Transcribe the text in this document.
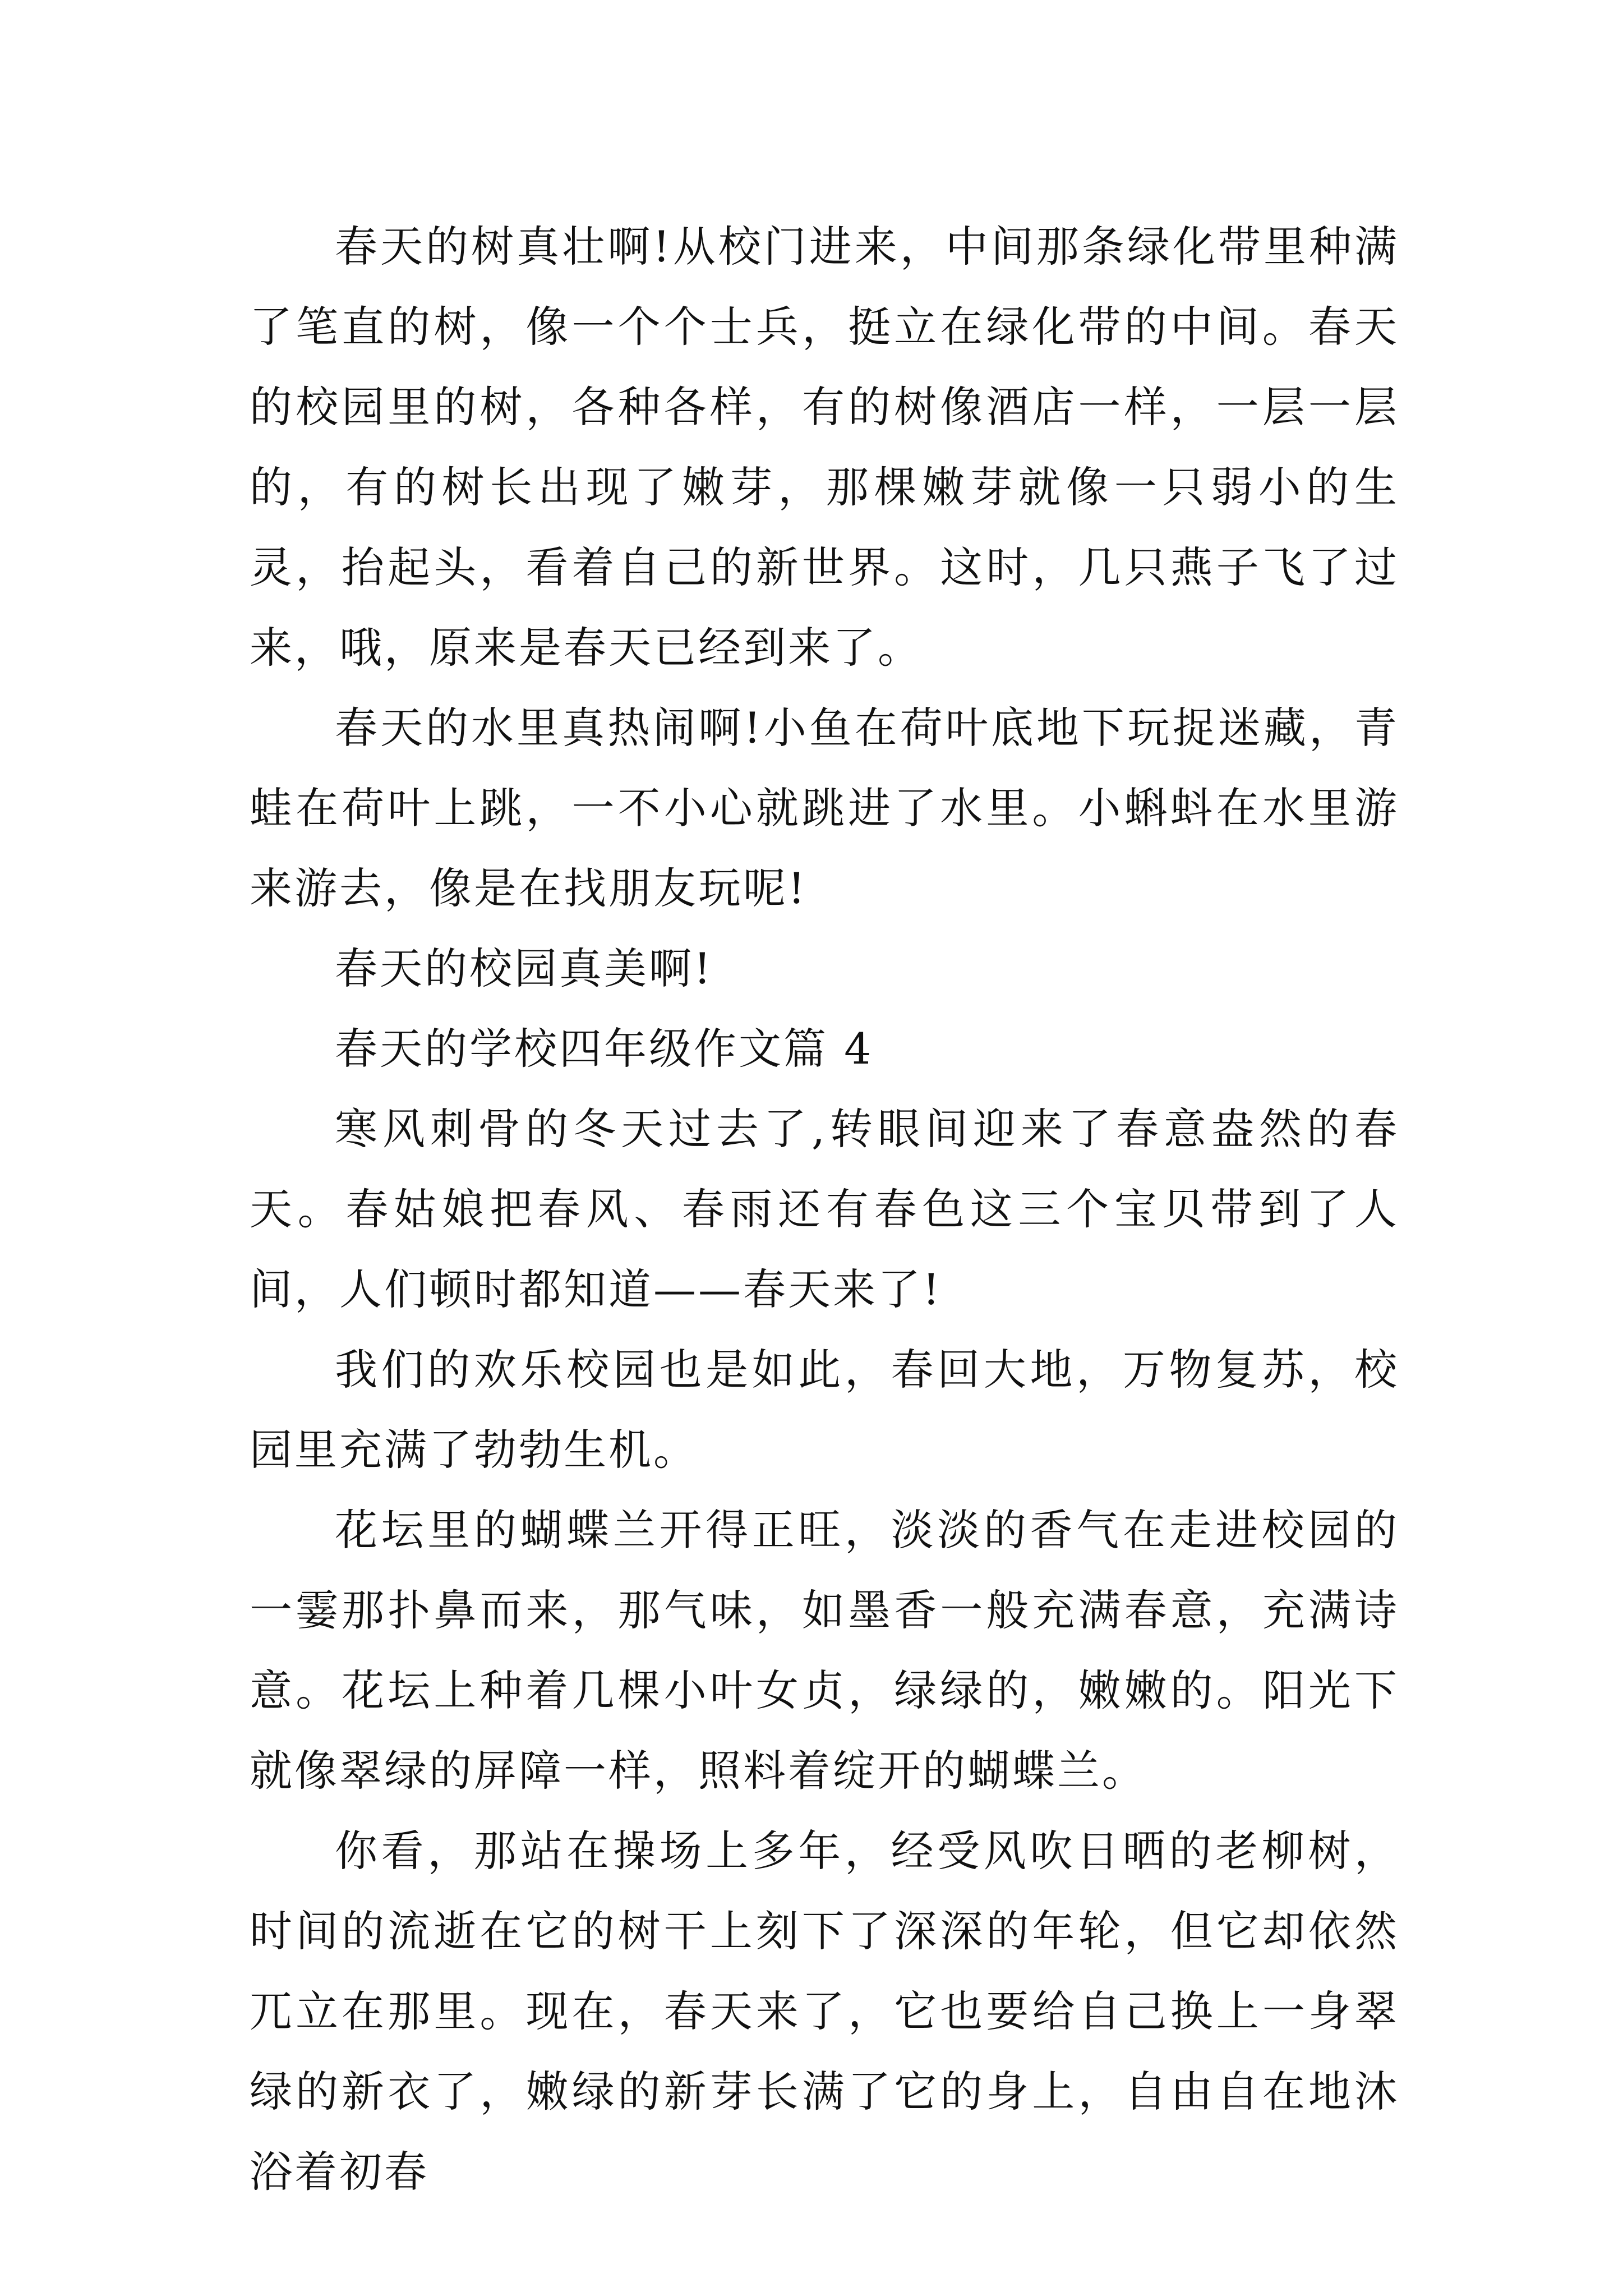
春天的树真壮啊!从校门进来，中间那条绿化带里种满了笔直的树，像一个个士兵，挺立在绿化带的中间。春天的校园里的树，各种各样，有的树像酒店一样，一层一层的，有的树长出现了嫩芽，那棵嫩芽就像一只弱小的生灵，抬起头，看着自己的新世界。这时，几只燕子飞了过来，哦，原来是春天已经到来了。

春天的水里真热闹啊!小鱼在荷叶底地下玩捉迷藏，青蛙在荷叶上跳，一不小心就跳进了水里。小蝌蚪在水里游来游去，像是在找朋友玩呢!

春天的校园真美啊!

春天的学校四年级作文篇 4

寒风刺骨的冬天过去了,转眼间迎来了春意盎然的春天。春姑娘把春风、春雨还有春色这三个宝贝带到了人间，人们顿时都知道——春天来了!

我们的欢乐校园也是如此，春回大地，万物复苏，校园里充满了勃勃生机。

花坛里的蝴蝶兰开得正旺，淡淡的香气在走进校园的一霎那扑鼻而来，那气味，如墨香一般充满春意，充满诗意。花坛上种着几棵小叶女贞，绿绿的，嫩嫩的。阳光下就像翠绿的屏障一样，照料着绽开的蝴蝶兰。

你看，那站在操场上多年，经受风吹日晒的老柳树，时间的流逝在它的树干上刻下了深深的年轮，但它却依然兀立在那里。现在，春天来了，它也要给自己换上一身翠绿的新衣了，嫩绿的新芽长满了它的身上，自由自在地沐浴着初春
